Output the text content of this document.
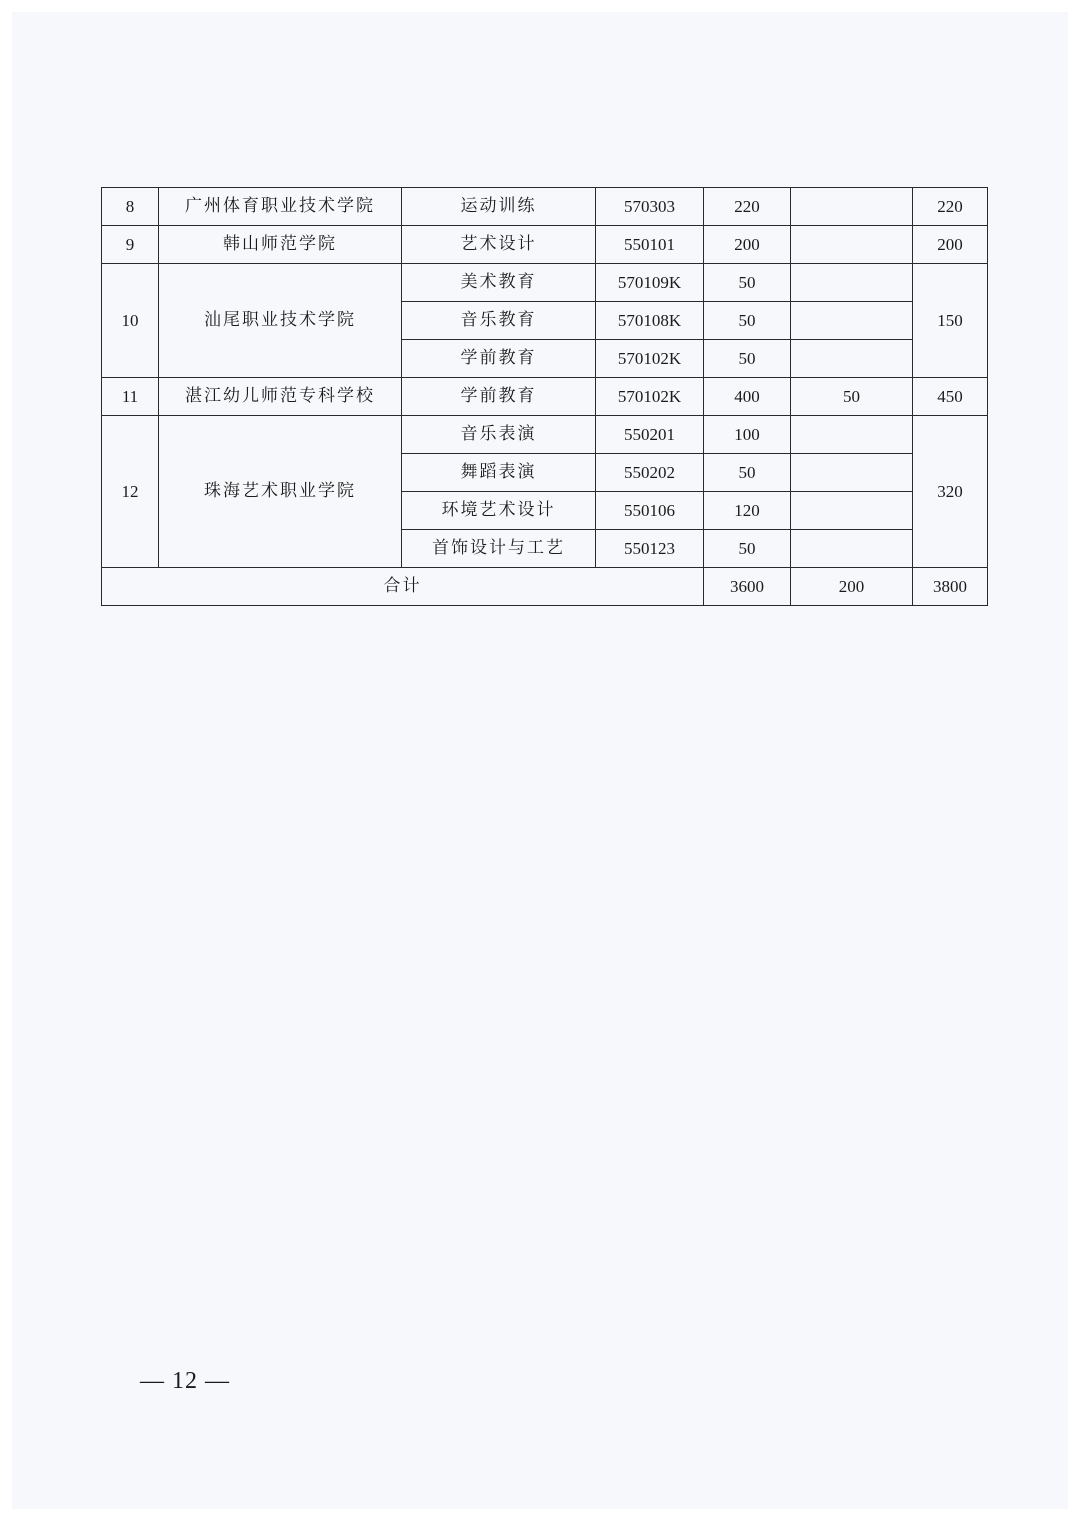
8	广州体育职业技术学院	运动训练	570303	220		220
9	韩山师范学院	艺术设计	550101	200		200
10	汕尾职业技术学院	美术教育	570109K	50		150
		音乐教育	570108K	50		
		学前教育	570102K	50		
11	湛江幼儿师范专科学校	学前教育	570102K	400	50	450
12	珠海艺术职业学院	音乐表演	550201	100		320
		舞蹈表演	550202	50		
		环境艺术设计	550106	120		
		首饰设计与工艺	550123	50		
合计				3600	200	3800
— 12 —
